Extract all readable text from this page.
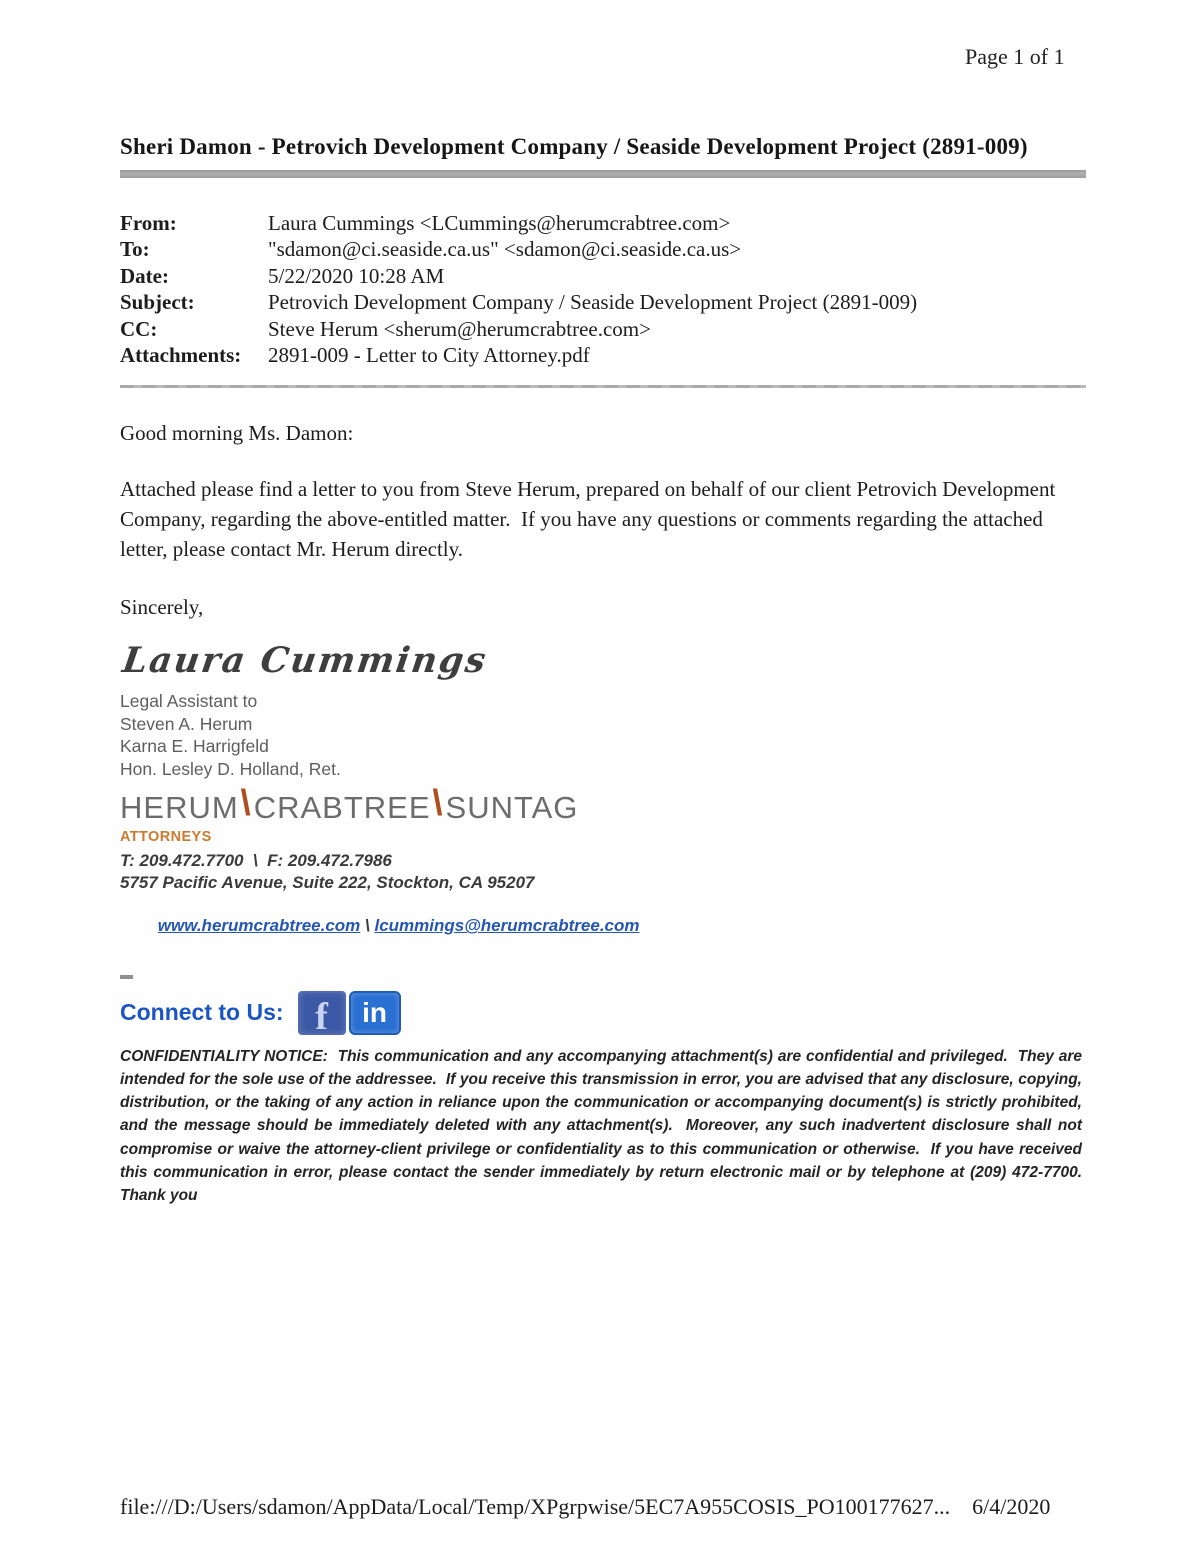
Page 1 of 1
Sheri Damon - Petrovich Development Company / Seaside Development Project (2891-009)
From:	Laura Cummings <LCummings@herumcrabtree.com>
To:	"sdamon@ci.seaside.ca.us" <sdamon@ci.seaside.ca.us>
Date:	5/22/2020 10:28 AM
Subject:	Petrovich Development Company / Seaside Development Project (2891-009)
CC:	Steve Herum <sherum@herumcrabtree.com>
Attachments:	2891-009 - Letter to City Attorney.pdf
Good morning Ms. Damon:
Attached please find a letter to you from Steve Herum, prepared on behalf of our client Petrovich Development Company, regarding the above-entitled matter.  If you have any questions or comments regarding the attached letter, please contact Mr. Herum directly.
Sincerely,
Laura Cummings
Legal Assistant to
Steven A. Herum
Karna E. Harrigfeld
Hon. Lesley D. Holland, Ret.
HERUM \ CRABTREE \ SUNTAG
ATTORNEYS
T: 209.472.7700  \  F: 209.472.7986
5757 Pacific Avenue, Suite 222, Stockton, CA 95207

www.herumcrabtree.com \ lcummings@herumcrabtree.com

Connect to Us: f	in
CONFIDENTIALITY NOTICE:  This communication and any accompanying attachment(s) are confidential and privileged.  They are intended for the sole use of the addressee.  If you receive this transmission in error, you are advised that any disclosure, copying, distribution, or the taking of any action in reliance upon the communication or accompanying document(s) is strictly prohibited, and the message should be immediately deleted with any attachment(s).  Moreover, any such inadvertent disclosure shall not compromise or waive the attorney-client privilege or confidentiality as to this communication or otherwise.  If you have received this communication in error, please contact the sender immediately by return electronic mail or by telephone at (209) 472-7700.  Thank you
file:///D:/Users/sdamon/AppData/Local/Temp/XPgrpwise/5EC7A955COSIS_PO100177627... 6/4/2020
